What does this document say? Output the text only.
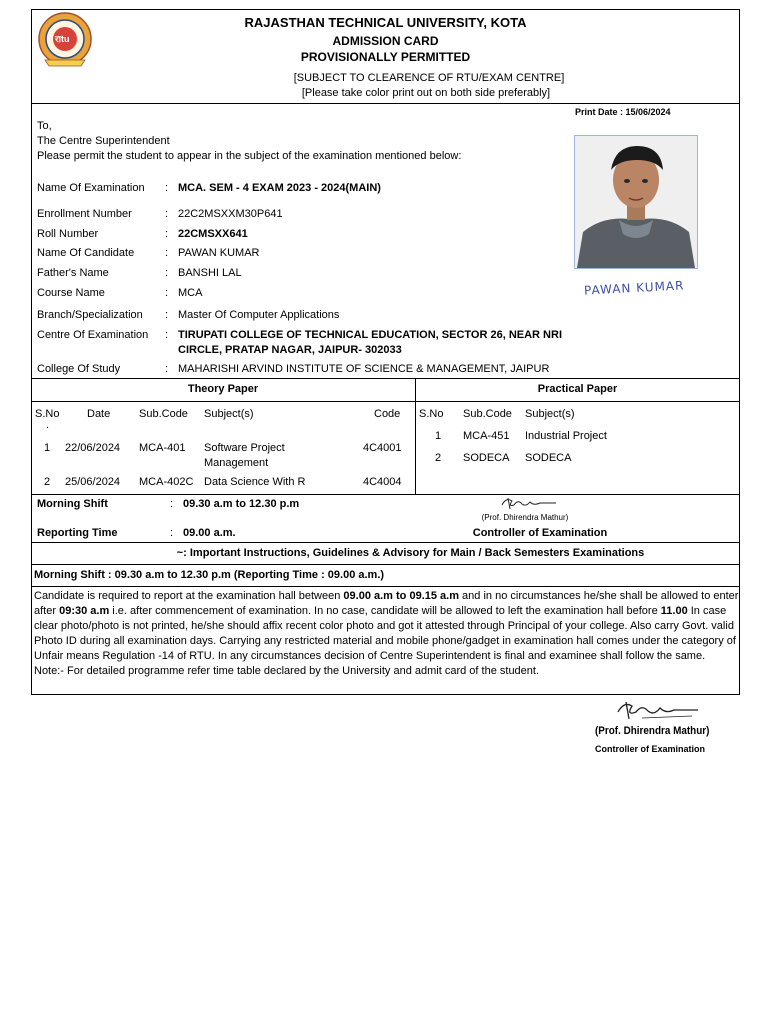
राtu
RAJASTHAN TECHNICAL UNIVERSITY, KOTA
ADMISSION CARD
PROVISIONALLY PERMITTED
[SUBJECT TO CLEARENCE OF RTU/EXAM CENTRE]
[Please take color print out on both side preferably]
Print Date : 15/06/2024
To,
The Centre Superintendent
Please permit the student to appear in the subject of the examination mentioned below:
PAWAN KUMAR
Name Of Examination : MCA. SEM - 4 EXAM 2023 - 2024(MAIN)
Enrollment Number	: 22C2MSXXM30P641
Roll Number	: 22CMSXX641
Name Of Candidate	: PAWAN KUMAR
Father's Name	: BANSHI LAL
Course Name	: MCA
Branch/Specialization : Master Of Computer Applications
Centre Of Examination : TIRUPATI COLLEGE OF TECHNICAL EDUCATION, SECTOR 26, NEAR NRI
CIRCLE, PRATAP NAGAR, JAIPUR- 302033
College Of Study	: MAHARISHI ARVIND INSTITUTE OF SCIENCE & MANAGEMENT, JAIPUR
Theory Paper
S.No	Date	Sub.Code Subject(s)	Code
.
1 22/06/2024 MCA-401 Software Project
Management
4C4001
2 25/06/2024 MCA-402C Data Science With R	4C4004
Practical Paper
S.No Sub.Code Subject(s)
1 MCA-451 Industrial Project
2 SODECA SODECA
Morning Shift	: 09.30 a.m to 12.30 p.m
Reporting Time	: 09.00 a.m.
(Prof. Dhirendra Mathur)
Controller of Examination
~: Important Instructions, Guidelines & Advisory for Main / Back Semesters Examinations
Morning Shift : 09.30 a.m to 12.30 p.m (Reporting Time : 09.00 a.m.)
Candidate is required to report at the examination hall between 09.00 a.m to 09.15 a.m and in no circumstances he/she shall be allowed to enter after 09:30 a.m i.e. after commencement of examination. In no case, candidate will be allowed to left the examination hall before 11.00 In case clear photo/photo is not printed, he/she should affix recent color photo and got it attested through Principal of your college. Also carry Govt. valid Photo ID during all examination days. Carrying any restricted material and mobile phone/gadget in examination hall comes under the category of Unfair means Regulation -14 of RTU. In any circumstances decision of Centre Superintendent is final and examinee shall follow the same.
Note:- For detailed programme refer time table declared by the University and admit card of the student.
(Prof. Dhirendra Mathur)
Controller of Examination
